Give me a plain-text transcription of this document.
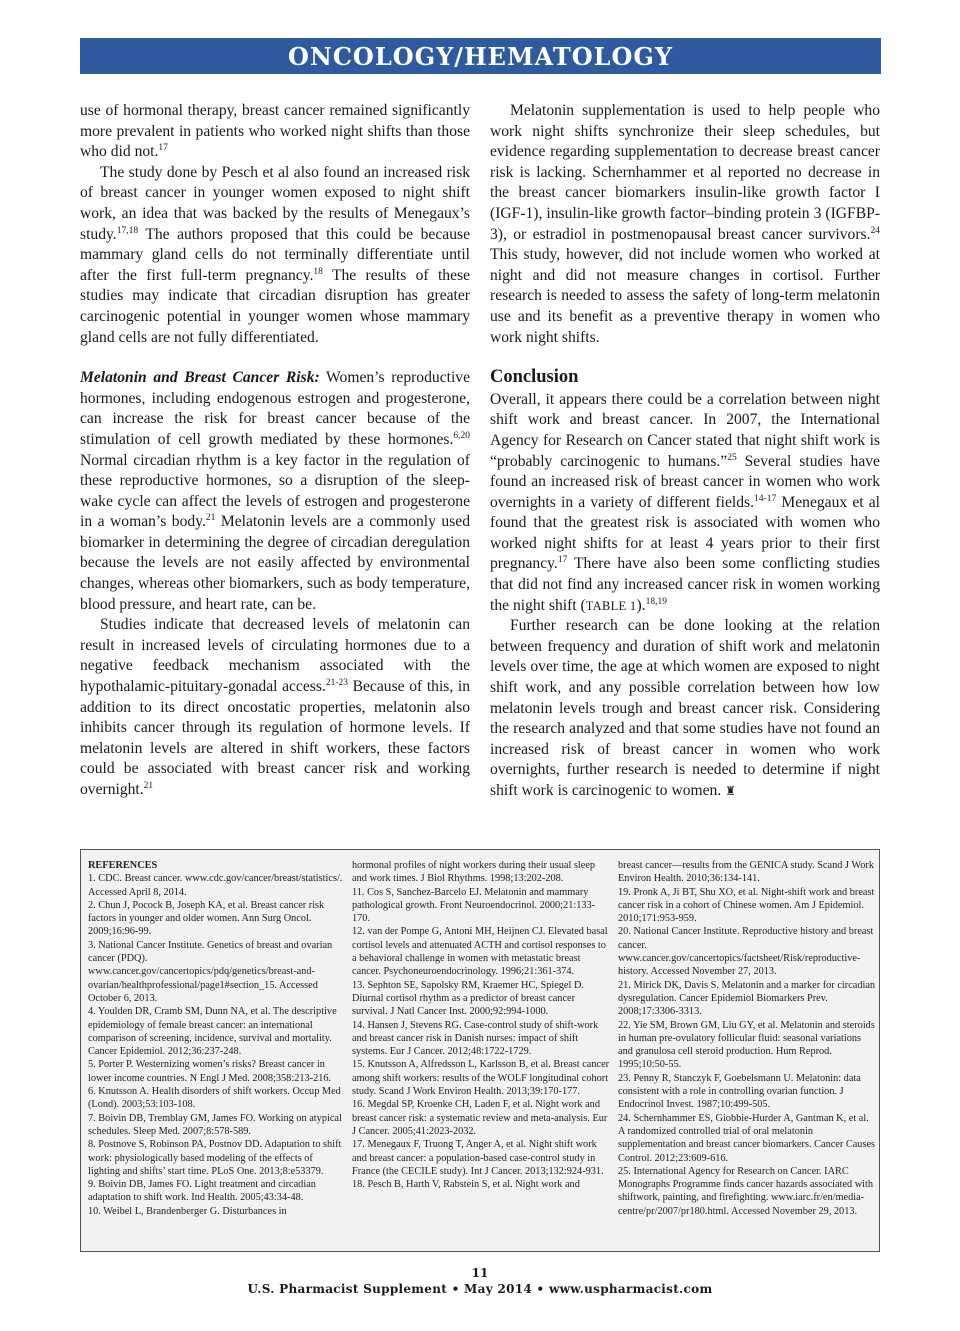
ONCOLOGY/HEMATOLOGY

use of hormonal therapy, breast cancer remained significantly more prevalent in patients who worked night shifts than those who did not.$^{17}$

The study done by Pesch et al also found an increased risk of breast cancer in younger women exposed to night shift work, an idea that was backed by the results of Menegaux’s study.$^{17,18}$ The authors proposed that this could be because mammary gland cells do not terminally differentiate until after the first full-term pregnancy.$^{18}$ The results of these studies may indicate that circadian disruption has greater carcinogenic potential in younger women whose mammary gland cells are not fully differentiated.

Melatonin and Breast Cancer Risk: Women’s reproductive hormones, including endogenous estrogen and progesterone, can increase the risk for breast cancer because of the stimulation of cell growth mediated by these hormones.$^{6,20}$ Normal circadian rhythm is a key factor in the regulation of these reproductive hormones, so a disruption of the sleep-wake cycle can affect the levels of estrogen and progesterone in a woman’s body.$^{21}$ Melatonin levels are a commonly used biomarker in determining the degree of circadian deregulation because the levels are not easily affected by environmental changes, whereas other biomarkers, such as body temperature, blood pressure, and heart rate, can be.

Studies indicate that decreased levels of melatonin can result in increased levels of circulating hormones due to a negative feedback mechanism associated with the hypothalamic-pituitary-gonadal access.$^{21-23}$ Because of this, in addition to its direct oncostatic properties, melatonin also inhibits cancer through its regulation of hormone levels. If melatonin levels are altered in shift workers, these factors could be associated with breast cancer risk and working overnight.$^{21}$

Melatonin supplementation is used to help people who work night shifts synchronize their sleep schedules, but evidence regarding supplementation to decrease breast cancer risk is lacking. Schernhammer et al reported no decrease in the breast cancer biomarkers insulin-like growth factor I (IGF-1), insulin-like growth factor–binding protein 3 (IGFBP-3), or estradiol in postmenopausal breast cancer survivors.$^{24}$ This study, however, did not include women who worked at night and did not measure changes in cortisol. Further research is needed to assess the safety of long-term melatonin use and its benefit as a preventive therapy in women who work night shifts.

Conclusion

Overall, it appears there could be a correlation between night shift work and breast cancer. In 2007, the International Agency for Research on Cancer stated that night shift work is “probably carcinogenic to humans.”$^{25}$ Several studies have found an increased risk of breast cancer in women who work overnights in a variety of different fields.$^{14-17}$ Menegaux et al found that the greatest risk is associated with women who worked night shifts for at least 4 years prior to their first pregnancy.$^{17}$ There have also been some conflicting studies that did not find any increased cancer risk in women working the night shift (TABLE 1).$^{18,19}$

Further research can be done looking at the relation between frequency and duration of shift work and melatonin levels over time, the age at which women are exposed to night shift work, and any possible correlation between how low melatonin levels trough and breast cancer risk. Considering the research analyzed and that some studies have not found an increased risk of breast cancer in women who work overnights, further research is needed to determine if night shift work is carcinogenic to women. ♜

REFERENCES
1. CDC. Breast cancer. www.cdc.gov/cancer/breast/statistics/. Accessed April 8, 2014.
2. Chun J, Pocock B, Joseph KA, et al. Breast cancer risk factors in younger and older women. Ann Surg Oncol. 2009;16:96-99.
3. National Cancer Institute. Genetics of breast and ovarian cancer (PDQ). www.cancer.gov/cancertopics/pdq/genetics/breast-and-ovarian/healthprofessional/page1#section_15. Accessed October 6, 2013.
4. Youlden DR, Cramb SM, Dunn NA, et al. The descriptive epidemiology of female breast cancer: an international comparison of screening, incidence, survival and mortality. Cancer Epidemiol. 2012;36:237-248.
5. Porter P. Westernizing women’s risks? Breast cancer in lower income countries. N Engl J Med. 2008;358:213-216.
6. Knutsson A. Health disorders of shift workers. Occup Med (Lond). 2003;53:103-108.
7. Boivin DB, Tremblay GM, James FO. Working on atypical schedules. Sleep Med. 2007;8:578-589.
8. Postnove S, Robinson PA, Postnov DD. Adaptation to shift work: physiologically based modeling of the effects of lighting and shifts’ start time. PLoS One. 2013;8:e53379.
9. Boivin DB, James FO. Light treatment and circadian adaptation to shift work. Ind Health. 2005;43:34-48.
10. Weibel L, Brandenberger G. Disturbances in
hormonal profiles of night workers during their usual sleep and work times. J Biol Rhythms. 1998;13:202-208.
11. Cos S, Sanchez-Barcelo EJ. Melatonin and mammary pathological growth. Front Neuroendocrinol. 2000;21:133-170.
12. van der Pompe G, Antoni MH, Heijnen CJ. Elevated basal cortisol levels and attenuated ACTH and cortisol responses to a behavioral challenge in women with metastatic breast cancer. Psychoneuroendocrinology. 1996;21:361-374.
13. Sephton SE, Sapolsky RM, Kraemer HC, Spiegel D. Diurnal cortisol rhythm as a predictor of breast cancer survival. J Natl Cancer Inst. 2000;92:994-1000.
14. Hansen J, Stevens RG. Case-control study of shift-work and breast cancer risk in Danish nurses: impact of shift systems. Eur J Cancer. 2012;48:1722-1729.
15. Knutsson A, Alfredsson L, Karlsson B, et al. Breast cancer among shift workers: results of the WOLF longitudinal cohort study. Scand J Work Environ Health. 2013;39:170-177.
16. Megdal SP, Kroenke CH, Laden F, et al. Night work and breast cancer risk: a systematic review and meta-analysis. Eur J Cancer. 2005;41:2023-2032.
17. Menegaux F, Truong T, Anger A, et al. Night shift work and breast cancer: a population-based case-control study in France (the CECILE study). Int J Cancer. 2013;132:924-931.
18. Pesch B, Harth V, Rabstein S, et al. Night work and
breast cancer—results from the GENICA study. Scand J Work Environ Health. 2010;36:134-141.
19. Pronk A, Ji BT, Shu XO, et al. Night-shift work and breast cancer risk in a cohort of Chinese women. Am J Epidemiol. 2010;171:953-959.
20. National Cancer Institute. Reproductive history and breast cancer. www.cancer.gov/cancertopics/factsheet/Risk/reproductive-history. Accessed November 27, 2013.
21. Mirick DK, Davis S. Melatonin and a marker for circadian dysregulation. Cancer Epidemiol Biomarkers Prev. 2008;17:3306-3313.
22. Yie SM, Brown GM, Liu GY, et al. Melatonin and steroids in human pre-ovulatory follicular fluid: seasonal variations and granulosa cell steroid production. Hum Reprod. 1995;10:50-55.
23. Penny R, Stanczyk F, Goebelsmann U. Melatonin: data consistent with a role in controlling ovarian function. J Endocrinol Invest. 1987;10:499-505.
24. Schernhammer ES, Giobbie-Hurder A, Gantman K, et al. A randomized controlled trial of oral melatonin supplementation and breast cancer biomarkers. Cancer Causes Control. 2012;23:609-616.
25. International Agency for Research on Cancer. IARC Monographs Programme finds cancer hazards associated with shiftwork, painting, and firefighting. www.iarc.fr/en/media-centre/pr/2007/pr180.html. Accessed November 29, 2013.
11
U.S. Pharmacist Supplement • May 2014 • www.uspharmacist.com
